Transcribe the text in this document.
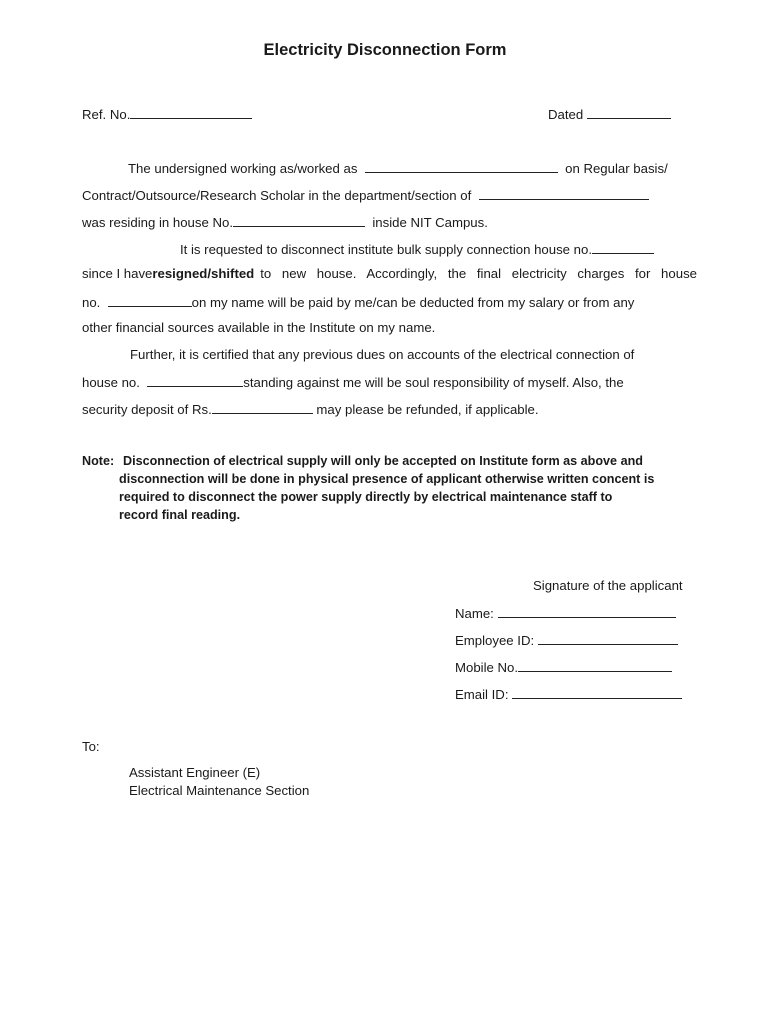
Electricity Disconnection Form
Ref. No.	Dated
The undersigned working as/worked as	on Regular basis/
Contract/Outsource/Research Scholar in the department/section of
was residing in house No.	inside NIT Campus.
It is requested to disconnect institute bulk supply connection house no.
since I have resigned/shifted to new house. Accordingly, the final electricity charges for house
no.	on my name will be paid by me/can be deducted from my salary or from any
other financial sources available in the Institute on my name.
Further, it is certified that any previous dues on accounts of the electrical connection of
house no.	standing against me will be soul responsibility of myself. Also, the
security deposit of Rs.	may please be refunded, if applicable.
Note: Disconnection of electrical supply will only be accepted on Institute form as above and
disconnection will be done in physical presence of applicant otherwise written concent is
required to disconnect the power supply directly by electrical maintenance staff to
record final reading.
Signature of the applicant
Name:
Employee ID:
Mobile No.
Email ID:
To:
Assistant Engineer (E)
Electrical Maintenance Section
